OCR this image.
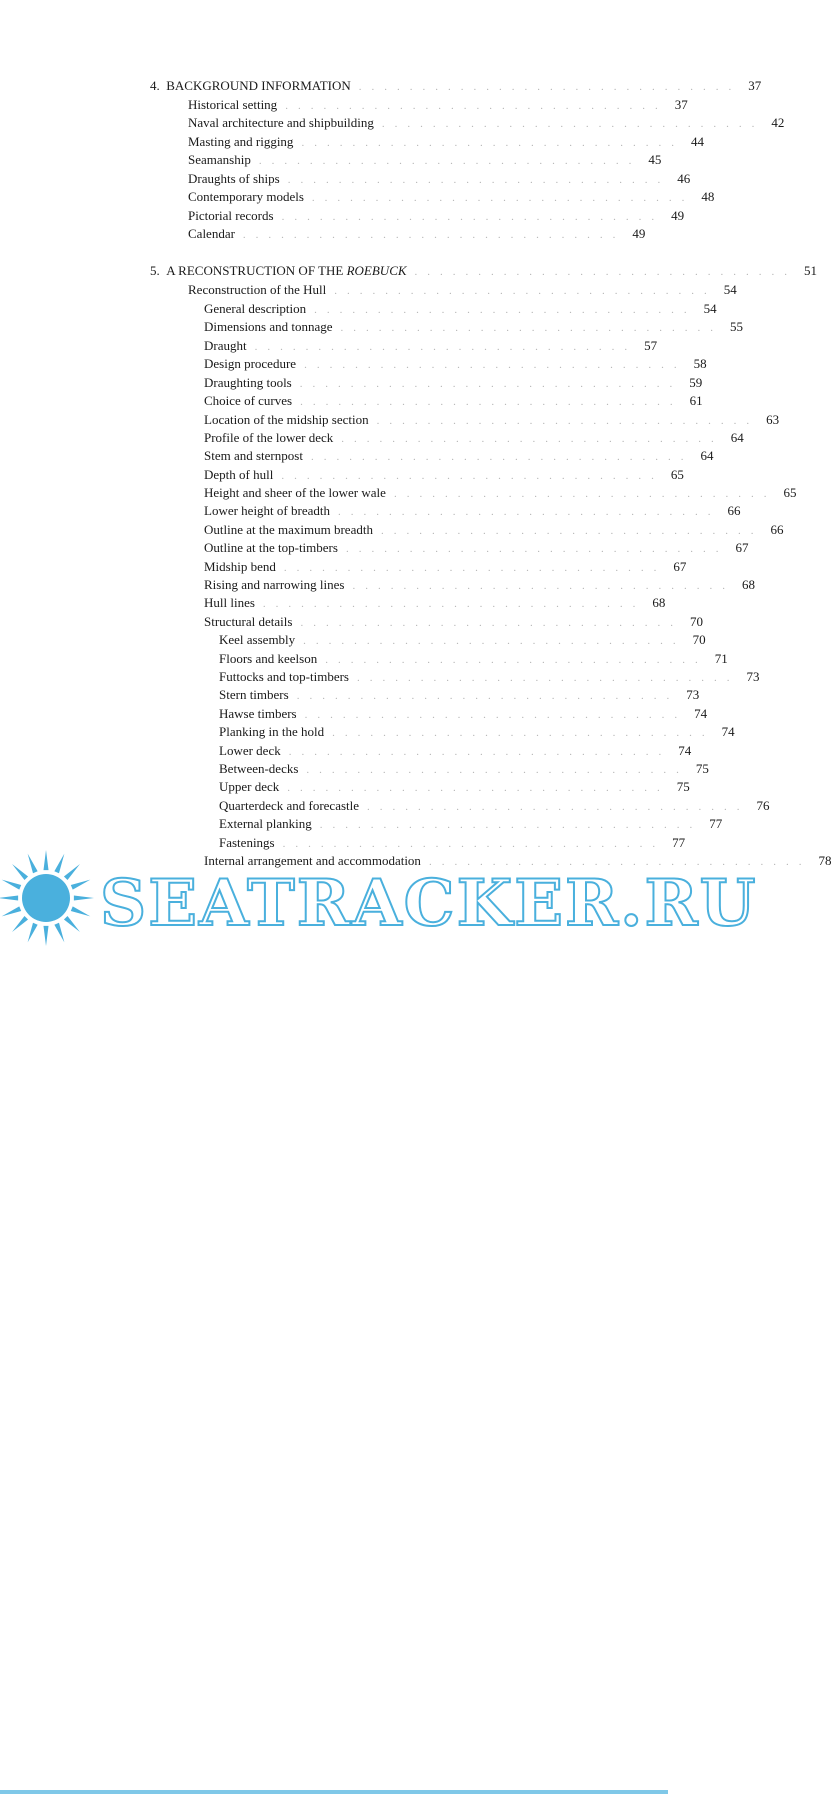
4. BACKGROUND INFORMATION .............................. 37
Historical setting .............................. 37
Naval architecture and shipbuilding .............................. 42
Masting and rigging .............................. 44
Seamanship .............................. 45
Draughts of ships .............................. 46
Contemporary models .............................. 48
Pictorial records .............................. 49
Calendar .............................. 49
5. A RECONSTRUCTION OF THE ROEBUCK .............................. 51
Reconstruction of the Hull .............................. 54
General description .............................. 54
Dimensions and tonnage .............................. 55
Draught .............................. 57
Design procedure .............................. 58
Draughting tools .............................. 59
Choice of curves .............................. 61
Location of the midship section .............................. 63
Profile of the lower deck .............................. 64
Stem and sternpost .............................. 64
Depth of hull .............................. 65
Height and sheer of the lower wale .............................. 65
Lower height of breadth .............................. 66
Outline at the maximum breadth .............................. 66
Outline at the top-timbers .............................. 67
Midship bend .............................. 67
Rising and narrowing lines .............................. 68
Hull lines .............................. 68
Structural details .............................. 70
Keel assembly .............................. 70
Floors and keelson .............................. 71
Futtocks and top-timbers .............................. 73
Stern timbers .............................. 73
Hawse timbers .............................. 74
Planking in the hold .............................. 74
Lower deck .............................. 74
Between-decks .............................. 75
Upper deck .............................. 75
Quarterdeck and forecastle .............................. 76
External planking .............................. 77
Fastenings .............................. 77
Internal arrangement and accommodation .............................. 78
SEATRACKER.RU
